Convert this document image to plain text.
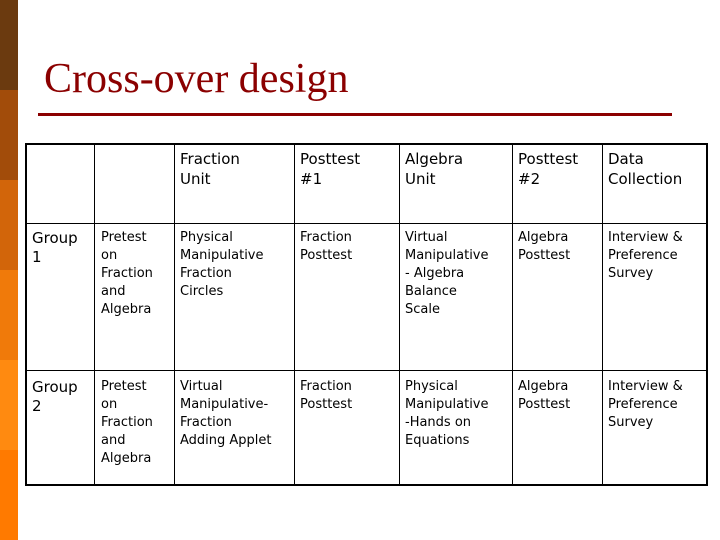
Cross-over design
Fraction
Unit
Posttest
#1
Algebra
Unit
Posttest
#2
Data
Collection
Group
1
Pretest
on
Fraction
and
Algebra
Physical
Manipulative
Fraction
Circles
Fraction
Posttest
Virtual
Manipulative
- Algebra
Balance
Scale
Algebra
Posttest
Interview &
Preference
Survey
Group
2
Pretest
on
Fraction
and
Algebra
Virtual
Manipulative-
Fraction
Adding Applet
Fraction
Posttest
Physical
Manipulative
-Hands on
Equations
Algebra
Posttest
Interview &
Preference
Survey
